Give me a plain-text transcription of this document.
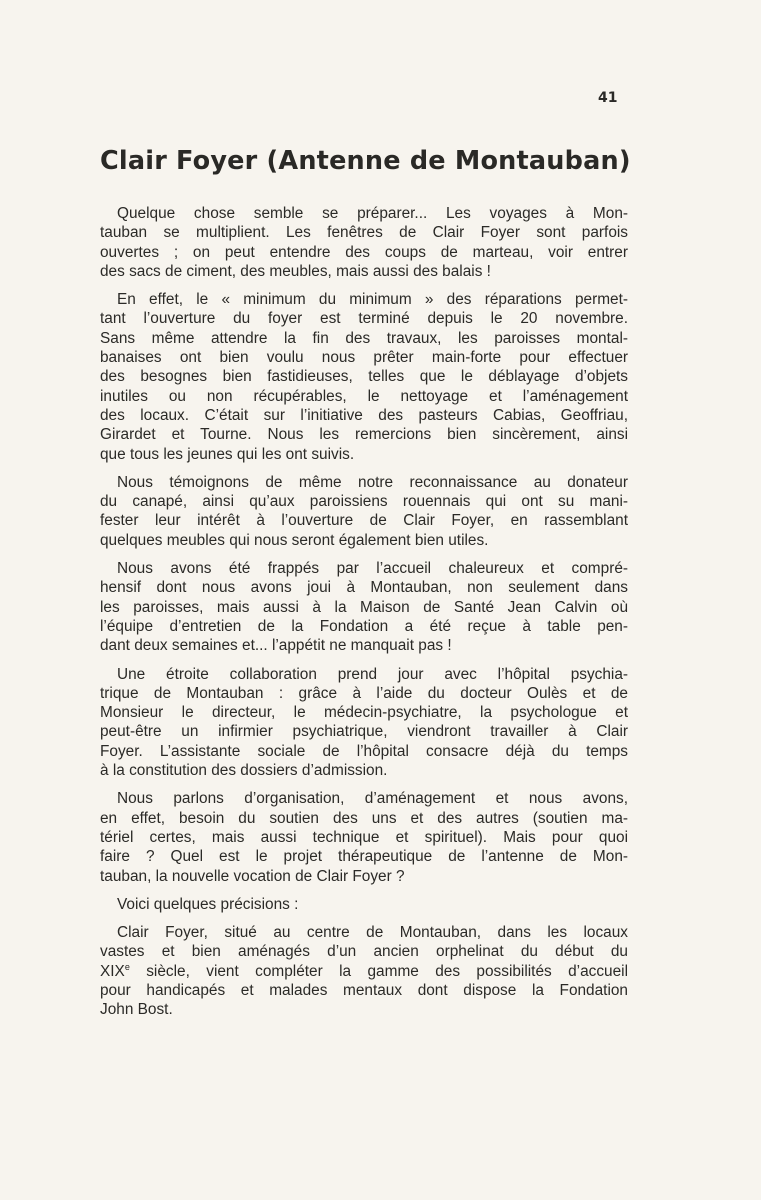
41
Clair Foyer (Antenne de Montauban)
Quelque chose semble se préparer... Les voyages à Mon-
tauban se multiplient. Les fenêtres de Clair Foyer sont parfois
ouvertes ; on peut entendre des coups de marteau, voir entrer
des sacs de ciment, des meubles, mais aussi des balais !
En effet, le « minimum du minimum » des réparations permet-
tant l’ouverture du foyer est terminé depuis le 20 novembre.
Sans même attendre la fin des travaux, les paroisses montal-
banaises ont bien voulu nous prêter main-forte pour effectuer
des besognes bien fastidieuses, telles que le déblayage d’objets
inutiles ou non récupérables, le nettoyage et l’aménagement
des locaux. C’était sur l’initiative des pasteurs Cabias, Geoffriau,
Girardet et Tourne. Nous les remercions bien sincèrement, ainsi
que tous les jeunes qui les ont suivis.
Nous témoignons de même notre reconnaissance au donateur
du canapé, ainsi qu’aux paroissiens rouennais qui ont su mani-
fester leur intérêt à l’ouverture de Clair Foyer, en rassemblant
quelques meubles qui nous seront également bien utiles.
Nous avons été frappés par l’accueil chaleureux et compré-
hensif dont nous avons joui à Montauban, non seulement dans
les paroisses, mais aussi à la Maison de Santé Jean Calvin où
l’équipe d’entretien de la Fondation a été reçue à table pen-
dant deux semaines et... l’appétit ne manquait pas !
Une étroite collaboration prend jour avec l’hôpital psychia-
trique de Montauban : grâce à l’aide du docteur Oulès et de
Monsieur le directeur, le médecin-psychiatre, la psychologue et
peut-être un infirmier psychiatrique, viendront travailler à Clair
Foyer. L’assistante sociale de l’hôpital consacre déjà du temps
à la constitution des dossiers d’admission.
Nous parlons d’organisation, d’aménagement et nous avons,
en effet, besoin du soutien des uns et des autres (soutien ma-
tériel certes, mais aussi technique et spirituel). Mais pour quoi
faire ? Quel est le projet thérapeutique de l’antenne de Mon-
tauban, la nouvelle vocation de Clair Foyer ?
Voici quelques précisions :
Clair Foyer, situé au centre de Montauban, dans les locaux
vastes et bien aménagés d’un ancien orphelinat du début du
XIXe siècle, vient compléter la gamme des possibilités d’accueil
pour handicapés et malades mentaux dont dispose la Fondation
John Bost.
